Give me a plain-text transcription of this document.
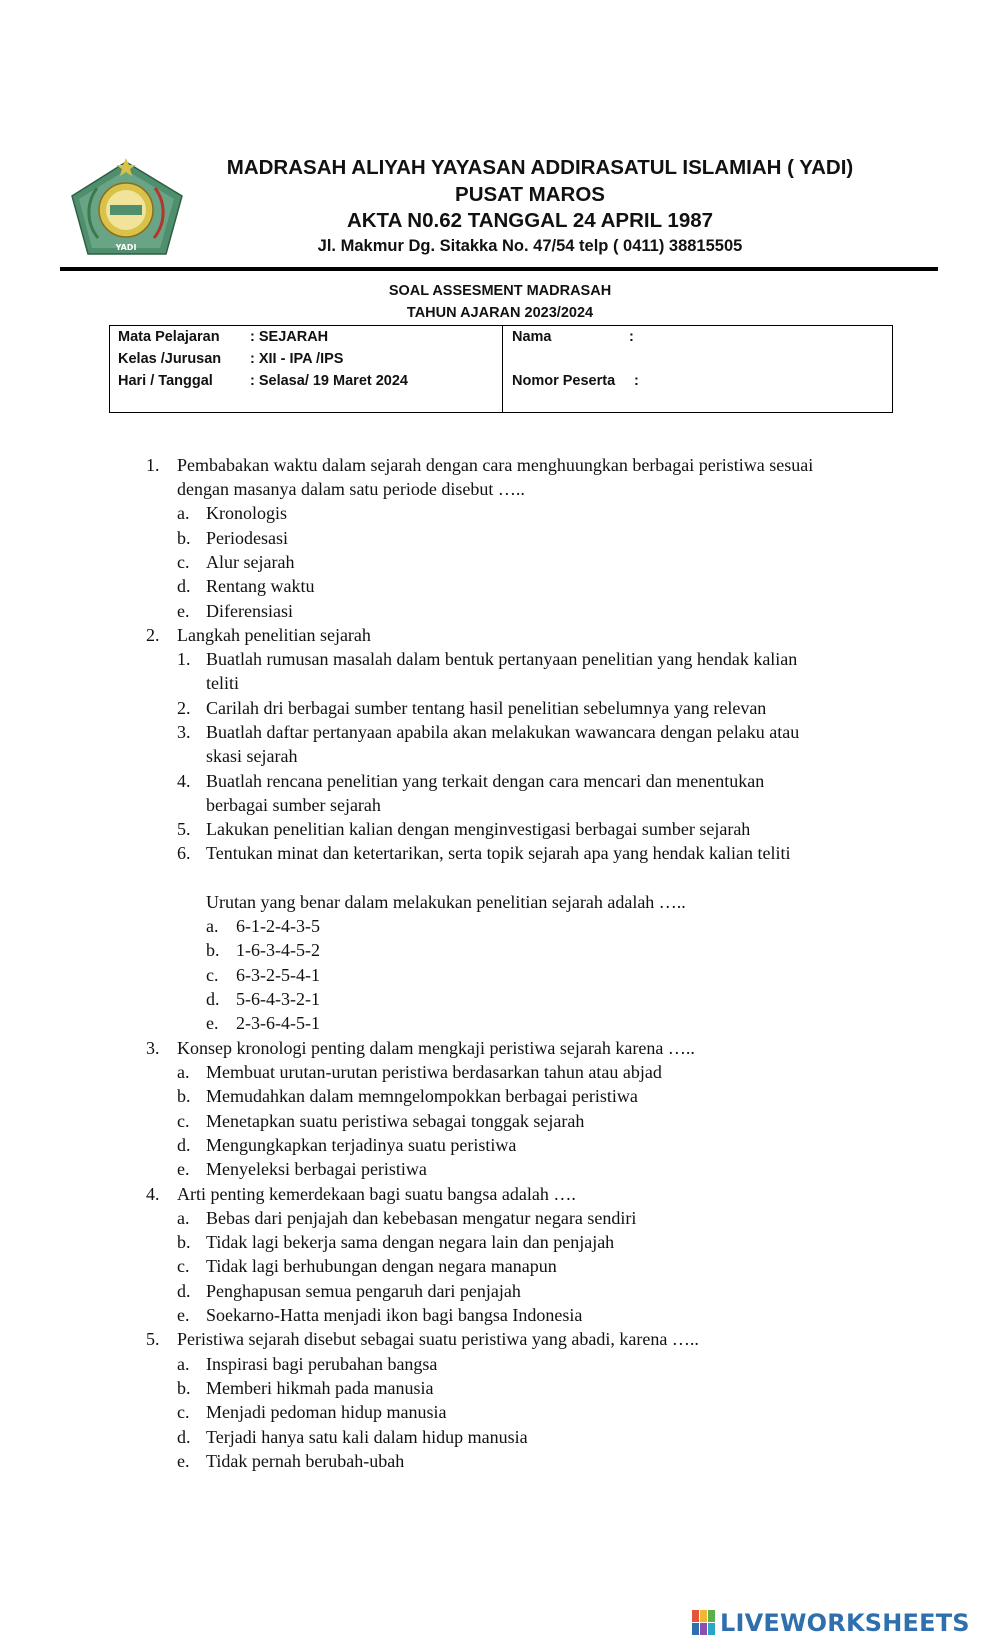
YADI
MADRASAH ALIYAH YAYASAN ADDIRASATUL ISLAMIAH ( YADI)
PUSAT MAROS
AKTA N0.62 TANGGAL 24 APRIL 1987
Jl. Makmur Dg. Sitakka No. 47/54 telp ( 0411) 38815505
SOAL ASSESMENT MADRASAH
TAHUN AJARAN 2023/2024
Mata Pelajaran : SEJARAH
Kelas /Jurusan : XII - IPA /IPS
Hari / Tanggal	: Selasa/ 19 Maret 2024
Nama	:
Nomor Peserta :
1. Pembabakan waktu dalam sejarah dengan cara menghuungkan berbagai peristiwa sesuai
dengan masanya dalam satu periode disebut …..
a. Kronologis
b. Periodesasi
c. Alur sejarah
d. Rentang waktu
e. Diferensiasi
2. Langkah penelitian sejarah
1. Buatlah rumusan masalah dalam bentuk pertanyaan penelitian yang hendak kalian
teliti
2. Carilah dri berbagai sumber tentang hasil penelitian sebelumnya yang relevan
3. Buatlah daftar pertanyaan apabila akan melakukan wawancara dengan pelaku atau
skasi sejarah
4. Buatlah rencana penelitian yang terkait dengan cara mencari dan menentukan
berbagai sumber sejarah
5. Lakukan penelitian kalian dengan menginvestigasi berbagai sumber sejarah
6. Tentukan minat dan ketertarikan, serta topik sejarah apa yang hendak kalian teliti
Urutan yang benar dalam melakukan penelitian sejarah adalah …..
a. 6-1-2-4-3-5
b. 1-6-3-4-5-2
c. 6-3-2-5-4-1
d. 5-6-4-3-2-1
e. 2-3-6-4-5-1
3. Konsep kronologi penting dalam mengkaji peristiwa sejarah karena …..
a. Membuat urutan-urutan peristiwa berdasarkan tahun atau abjad
b. Memudahkan dalam memngelompokkan berbagai peristiwa
c. Menetapkan suatu peristiwa sebagai tonggak sejarah
d. Mengungkapkan terjadinya suatu peristiwa
e. Menyeleksi berbagai peristiwa
4. Arti penting kemerdekaan bagi suatu bangsa adalah ….
a. Bebas dari penjajah dan kebebasan mengatur negara sendiri
b. Tidak lagi bekerja sama dengan negara lain dan penjajah
c. Tidak lagi berhubungan dengan negara manapun
d. Penghapusan semua pengaruh dari penjajah
e. Soekarno-Hatta menjadi ikon bagi bangsa Indonesia
5. Peristiwa sejarah disebut sebagai suatu peristiwa yang abadi, karena …..
a. Inspirasi bagi perubahan bangsa
b. Memberi hikmah pada manusia
c. Menjadi pedoman hidup manusia
d. Terjadi hanya satu kali dalam hidup manusia
e. Tidak pernah berubah-ubah
LIVEWORKSHEETS
